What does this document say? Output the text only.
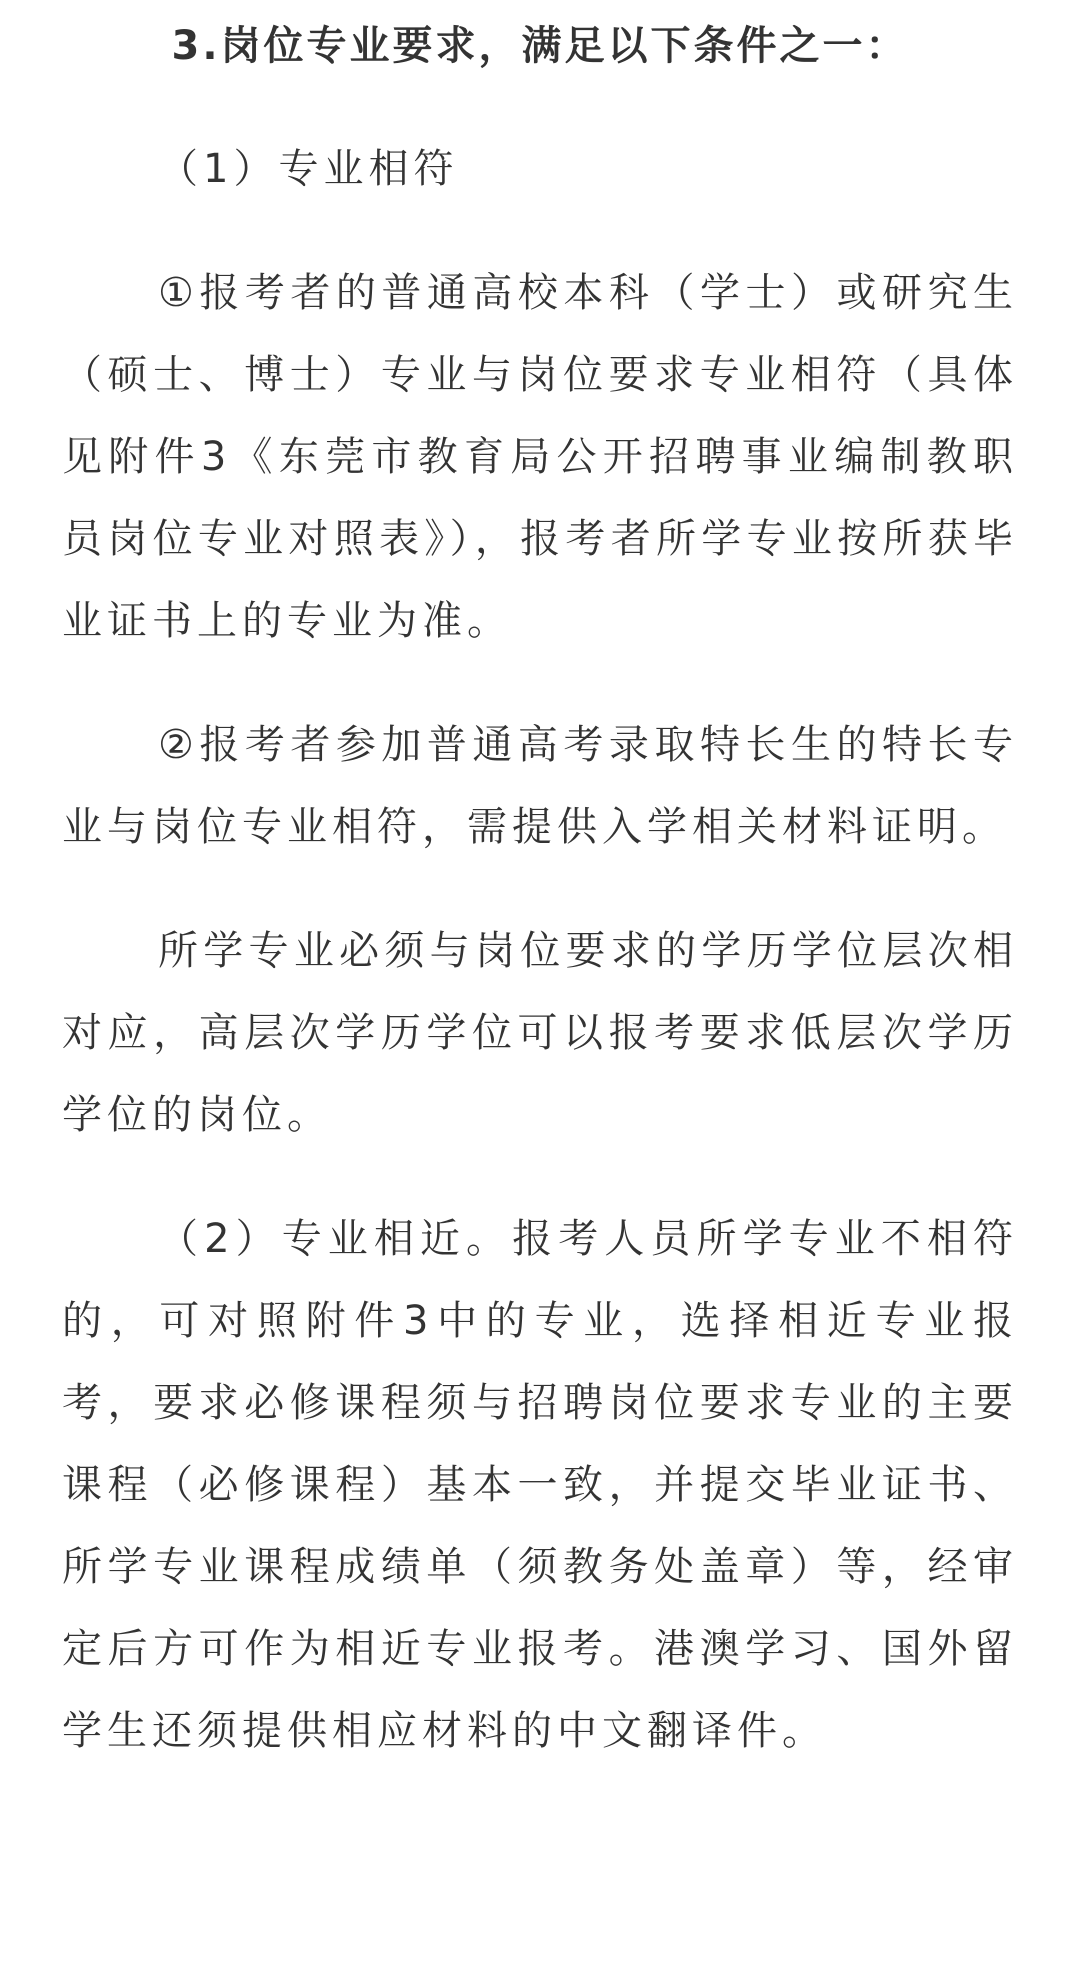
3.岗位专业要求，满足以下条件之一：

（1）专业相符

①报考者的普通高校本科（学士）或研究生（硕士、博士）专业与岗位要求专业相符（具体见附件3《东莞市教育局公开招聘事业编制教职员岗位专业对照表》），报考者所学专业按所获毕业证书上的专业为准。

②报考者参加普通高考录取特长生的特长专业与岗位专业相符，需提供入学相关材料证明。

所学专业必须与岗位要求的学历学位层次相对应，高层次学历学位可以报考要求低层次学历学位的岗位。

（2）专业相近。报考人员所学专业不相符的，可对照附件3中的专业，选择相近专业报考，要求必修课程须与招聘岗位要求专业的主要课程（必修课程）基本一致，并提交毕业证书、所学专业课程成绩单（须教务处盖章）等，经审定后方可作为相近专业报考。港澳学习、国外留学生还须提供相应材料的中文翻译件。
